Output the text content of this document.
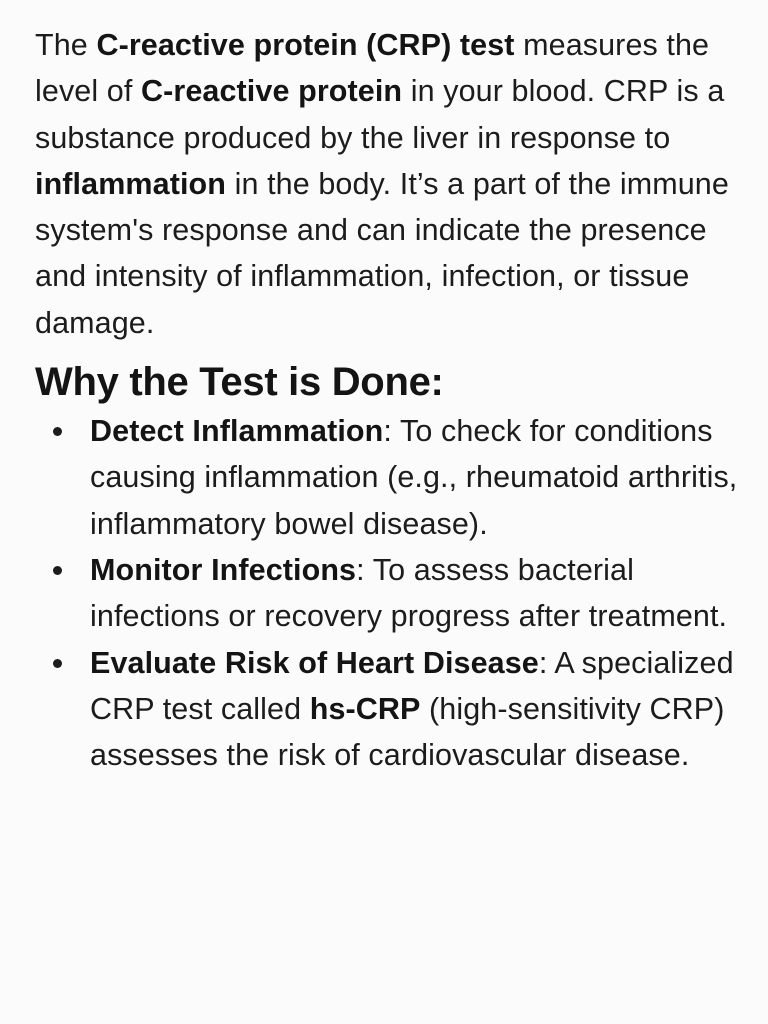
The C-reactive protein (CRP) test measures the level of C-reactive protein in your blood. CRP is a substance produced by the liver in response to inflammation in the body. It’s a part of the immune system's response and can indicate the presence and intensity of inflammation, infection, or tissue damage.

Why the Test is Done:
Detect Inflammation: To check for conditions causing inflammation (e.g., rheumatoid arthritis, inflammatory bowel disease).
Monitor Infections: To assess bacterial infections or recovery progress after treatment.
Evaluate Risk of Heart Disease: A specialized CRP test called hs-CRP (high-sensitivity CRP) assesses the risk of cardiovascular disease.
